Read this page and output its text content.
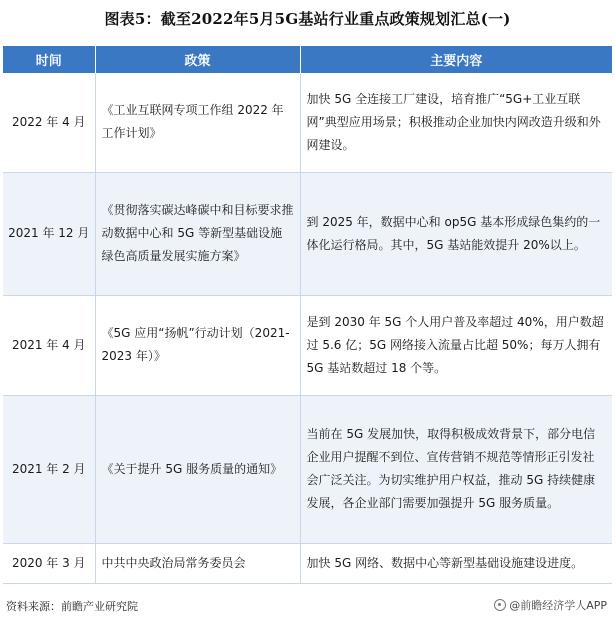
图表5：截至2022年5月5G基站行业重点政策规划汇总(一)
时间	政策	主要内容
2022 年 4 月	《工业互联网专项工作组 2022 年工作计划》	加快 5G 全连接工厂建设，培育推广“5G+工业互联网”典型应用场景；积极推动企业加快内网改造升级和外网建设。
2021 年 12 月	《贯彻落实碳达峰碳中和目标要求推动数据中心和 5G 等新型基础设施绿色高质量发展实施方案》	到 2025 年，数据中心和 op5G 基本形成绿色集约的一体化运行格局。其中，5G 基站能效提升 20%以上。
2021 年 4 月	《5G 应用“扬帆”行动计划（2021-2023 年）》	是到 2030 年 5G 个人用户普及率超过 40%，用户数超过 5.6 亿；5G 网络接入流量占比超 50%；每万人拥有 5G 基站数超过 18 个等。
2021 年 2 月	《关于提升 5G 服务质量的通知》	当前在 5G 发展加快，取得积极成效背景下，部分电信企业用户提醒不到位、宣传营销不规范等情形正引发社会广泛关注。为切实维护用户权益，推动 5G 持续健康发展，各企业部门需要加强提升 5G 服务质量。
2020 年 3 月	中共中央政治局常务委员会	加快 5G 网络、数据中心等新型基础设施建设进度。
资料来源：前瞻产业研究院	@前瞻经济学人APP
